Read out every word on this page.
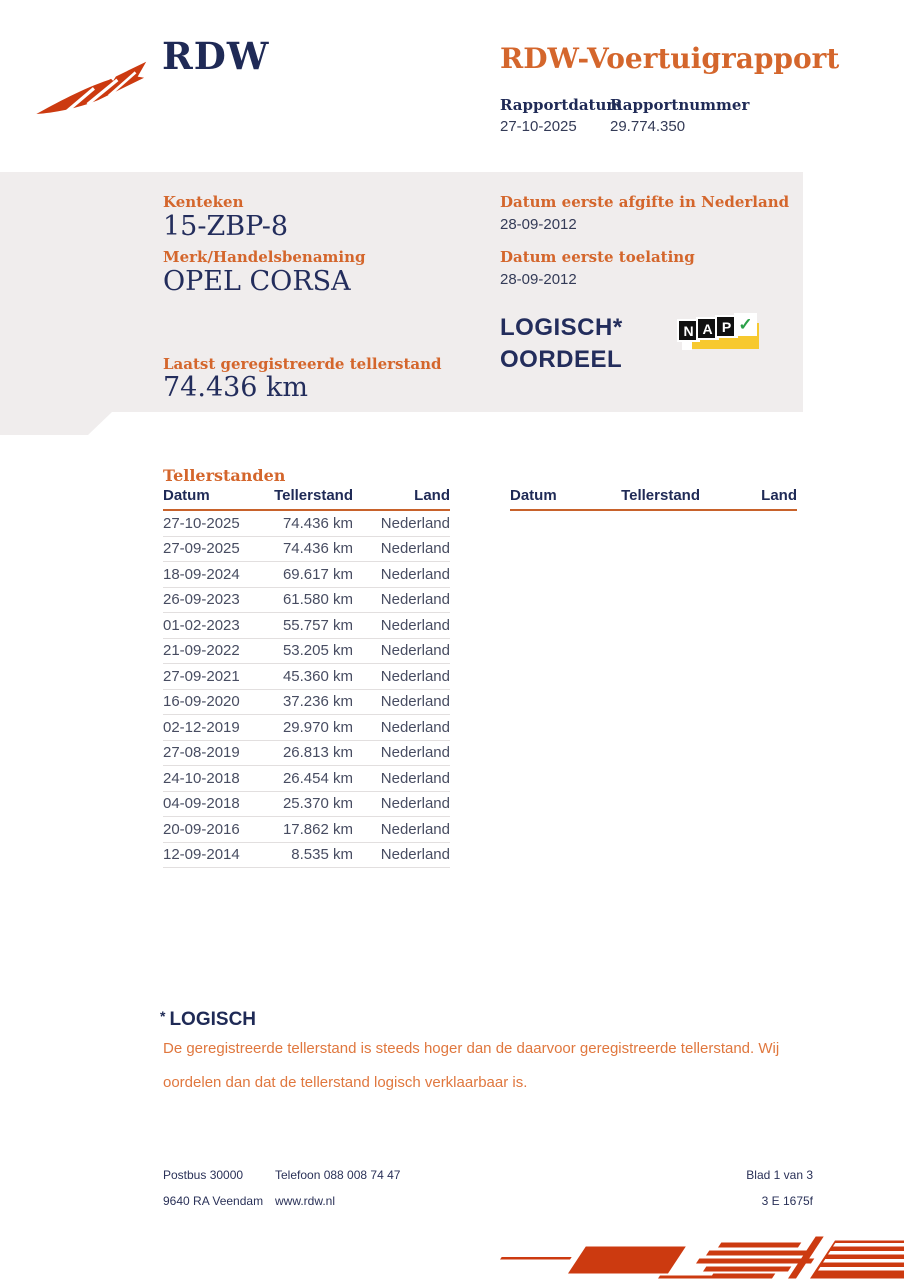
RDW	RDW-Voertuigrapport
Rapportdatum
Rapportnummer
27-10-2025 29.774.350
Kenteken
15-ZBP-8
Merk/Handelsbenaming
OPEL CORSA
Datum eerste afgifte in Nederland
28-09-2012
Datum eerste toelating
28-09-2012
LOGISCH*
OORDEEL
N A P ✓
Laatst geregistreerde tellerstand
74.436 km
Tellerstanden
Datum	Tellerstand	Land
27-10-2025	74.436 km	Nederland
27-09-2025	74.436 km	Nederland
18-09-2024	69.617 km	Nederland
26-09-2023	61.580 km	Nederland
01-02-2023	55.757 km	Nederland
21-09-2022	53.205 km	Nederland
27-09-2021	45.360 km	Nederland
16-09-2020	37.236 km	Nederland
02-12-2019	29.970 km	Nederland
27-08-2019	26.813 km	Nederland
24-10-2018	26.454 km	Nederland
04-09-2018	25.370 km	Nederland
20-09-2016	17.862 km	Nederland
12-09-2014	8.535 km	Nederland
Datum	Tellerstand	Land
* LOGISCH
De geregistreerde tellerstand is steeds hoger dan de daarvoor geregistreerde tellerstand. Wij oordelen dan dat de tellerstand logisch verklaarbaar is.
Postbus 30000
9640 RA Veendam
Telefoon 088 008 74 47
www.rdw.nl
Blad 1 van 3
3 E 1675f
